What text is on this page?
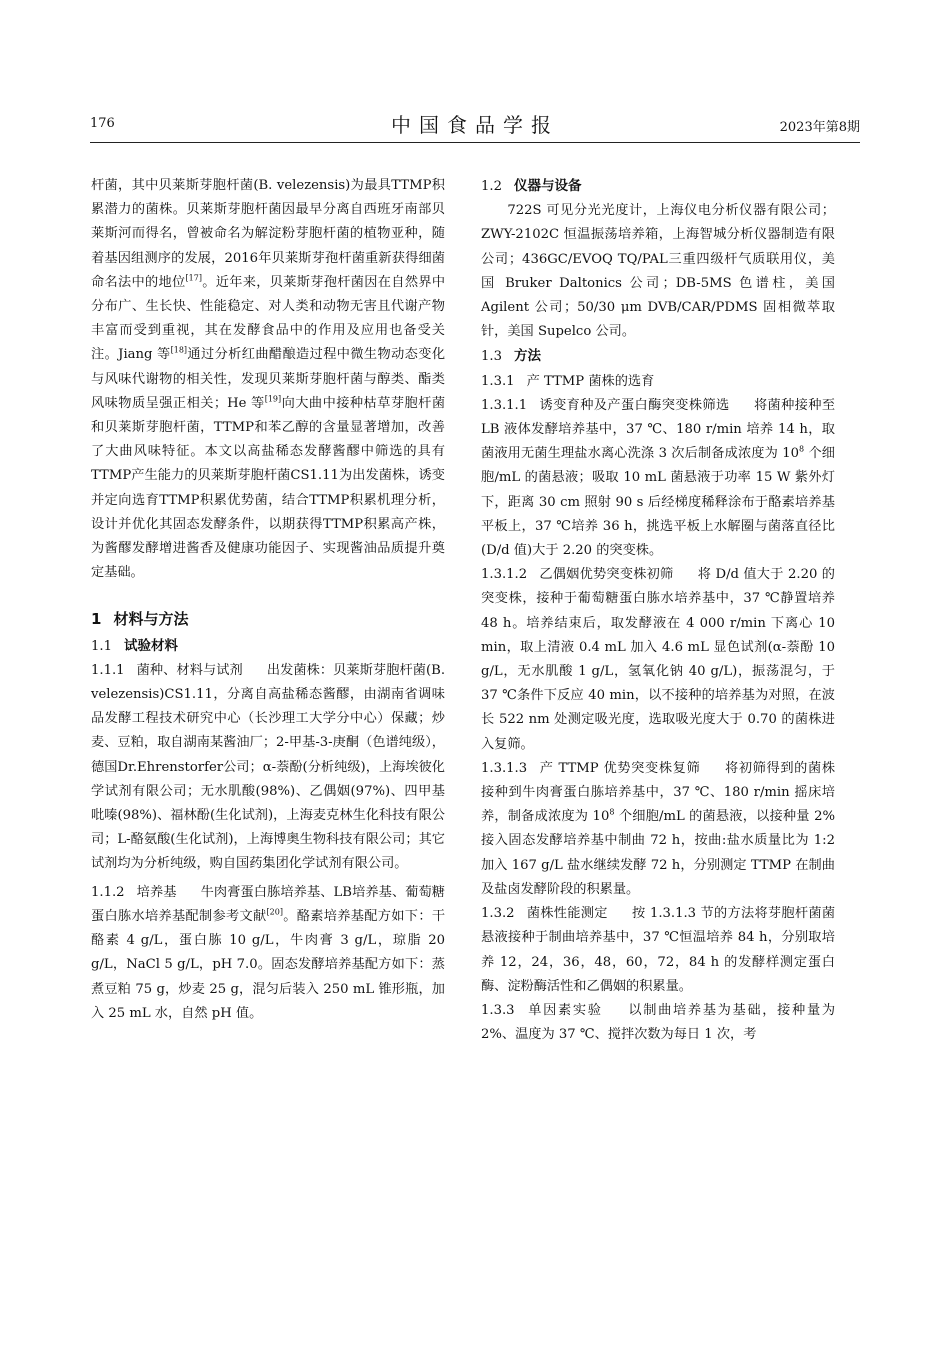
176	中国食品学报	2023年第8期

杆菌，其中贝莱斯芽胞杆菌(B. velezensis)为最具TTMP积累潜力的菌株。贝莱斯芽胞杆菌因最早分离自西班牙南部贝莱斯河而得名，曾被命名为解淀粉芽胞杆菌的植物亚种，随着基因组测序的发展，2016年贝莱斯芽孢杆菌重新获得细菌命名法中的地位[17]。近年来，贝莱斯芽孢杆菌因在自然界中分布广、生长快、性能稳定、对人类和动物无害且代谢产物丰富而受到重视，其在发酵食品中的作用及应用也备受关注。Jiang 等[18]通过分析红曲醋酿造过程中微生物动态变化与风味代谢物的相关性，发现贝莱斯芽胞杆菌与醇类、酯类风味物质呈强正相关；He 等[19]向大曲中接种枯草芽胞杆菌和贝莱斯芽胞杆菌，TTMP和苯乙醇的含量显著增加，改善了大曲风味特征。本文以高盐稀态发酵酱醪中筛选的具有TTMP产生能力的贝莱斯芽胞杆菌CS1.11为出发菌株，诱变并定向选育TTMP积累优势菌，结合TTMP积累机理分析，设计并优化其固态发酵条件，以期获得TTMP积累高产株，为酱醪发酵增进酱香及健康功能因子、实现酱油品质提升奠定基础。

1 材料与方法

1.1 试验材料

1.1.1 菌种、材料与试剂 出发菌株：贝莱斯芽胞杆菌(B. velezensis)CS1.11，分离自高盐稀态酱醪，由湖南省调味品发酵工程技术研究中心（长沙理工大学分中心）保藏；炒麦、豆粕，取自湖南某酱油厂；2-甲基-3-庚酮（色谱纯级），德国Dr.Ehrenstorfer公司；α-萘酚(分析纯级)，上海埃彼化学试剂有限公司；无水肌酸(98%)、乙偶姻(97%)、四甲基吡嗪(98%)、福林酚(生化试剂)，上海麦克林生化科技有限公司；L-酪氨酸(生化试剂)，上海博奥生物科技有限公司；其它试剂均为分析纯级，购自国药集团化学试剂有限公司。

1.1.2 培养基 牛肉膏蛋白胨培养基、LB培养基、葡萄糖蛋白胨水培养基配制参考文献[20]。酪素培养基配方如下：干酪素 4 g/L，蛋白胨 10 g/L，牛肉膏 3 g/L，琼脂 20 g/L，NaCl 5 g/L，pH 7.0。固态发酵培养基配方如下：蒸煮豆粕 75 g，炒麦 25 g，混匀后装入 250 mL 锥形瓶，加入 25 mL 水，自然 pH 值。

1.2 仪器与设备

722S 可见分光光度计，上海仪电分析仪器有限公司；ZWY-2102C 恒温振荡培养箱，上海智城分析仪器制造有限公司；436GC/EVOQ TQ/PAL三重四级杆气质联用仪，美国 Bruker Daltonics 公司；DB-5MS 色谱柱，美国 Agilent 公司；50/30 μm DVB/CAR/PDMS 固相微萃取针，美国 Supelco 公司。

1.3 方法

1.3.1 产 TTMP 菌株的选育

1.3.1.1 诱变育种及产蛋白酶突变株筛选 将菌种接种至 LB 液体发酵培养基中，37 ℃、180 r/min 培养 14 h，取菌液用无菌生理盐水离心洗涤 3 次后制备成浓度为 $10^8$ 个细胞/mL 的菌悬液；吸取 10 mL 菌悬液于功率 15 W 紫外灯下，距离 30 cm 照射 90 s 后经梯度稀释涂布于酪素培养基平板上，37 ℃培养 36 h，挑选平板上水解圈与菌落直径比(D/d 值)大于 2.20 的突变株。

1.3.1.2 乙偶姻优势突变株初筛 将 D/d 值大于 2.20 的突变株，接种于葡萄糖蛋白胨水培养基中，37 ℃静置培养 48 h。培养结束后，取发酵液在 4 000 r/min 下离心 10 min，取上清液 0.4 mL 加入 4.6 mL 显色试剂(α-萘酚 10 g/L，无水肌酸 1 g/L，氢氧化钠 40 g/L)，振荡混匀，于 37 ℃条件下反应 40 min，以不接种的培养基为对照，在波长 522 nm 处测定吸光度，选取吸光度大于 0.70 的菌株进入复筛。

1.3.1.3 产 TTMP 优势突变株复筛 将初筛得到的菌株接种到牛肉膏蛋白胨培养基中，37 ℃、180 r/min 摇床培养，制备成浓度为 $10^8$ 个细胞/mL 的菌悬液，以接种量 2%接入固态发酵培养基中制曲 72 h，按曲:盐水质量比为 1:2 加入 167 g/L 盐水继续发酵 72 h，分别测定 TTMP 在制曲及盐卤发酵阶段的积累量。

1.3.2 菌株性能测定 按 1.3.1.3 节的方法将芽胞杆菌菌悬液接种于制曲培养基中，37 ℃恒温培养 84 h，分别取培养 12，24，36，48，60，72，84 h 的发酵样测定蛋白酶、淀粉酶活性和乙偶姻的积累量。

1.3.3 单因素实验 以制曲培养基为基础，接种量为 2%、温度为 37 ℃、搅拌次数为每日 1 次，考
